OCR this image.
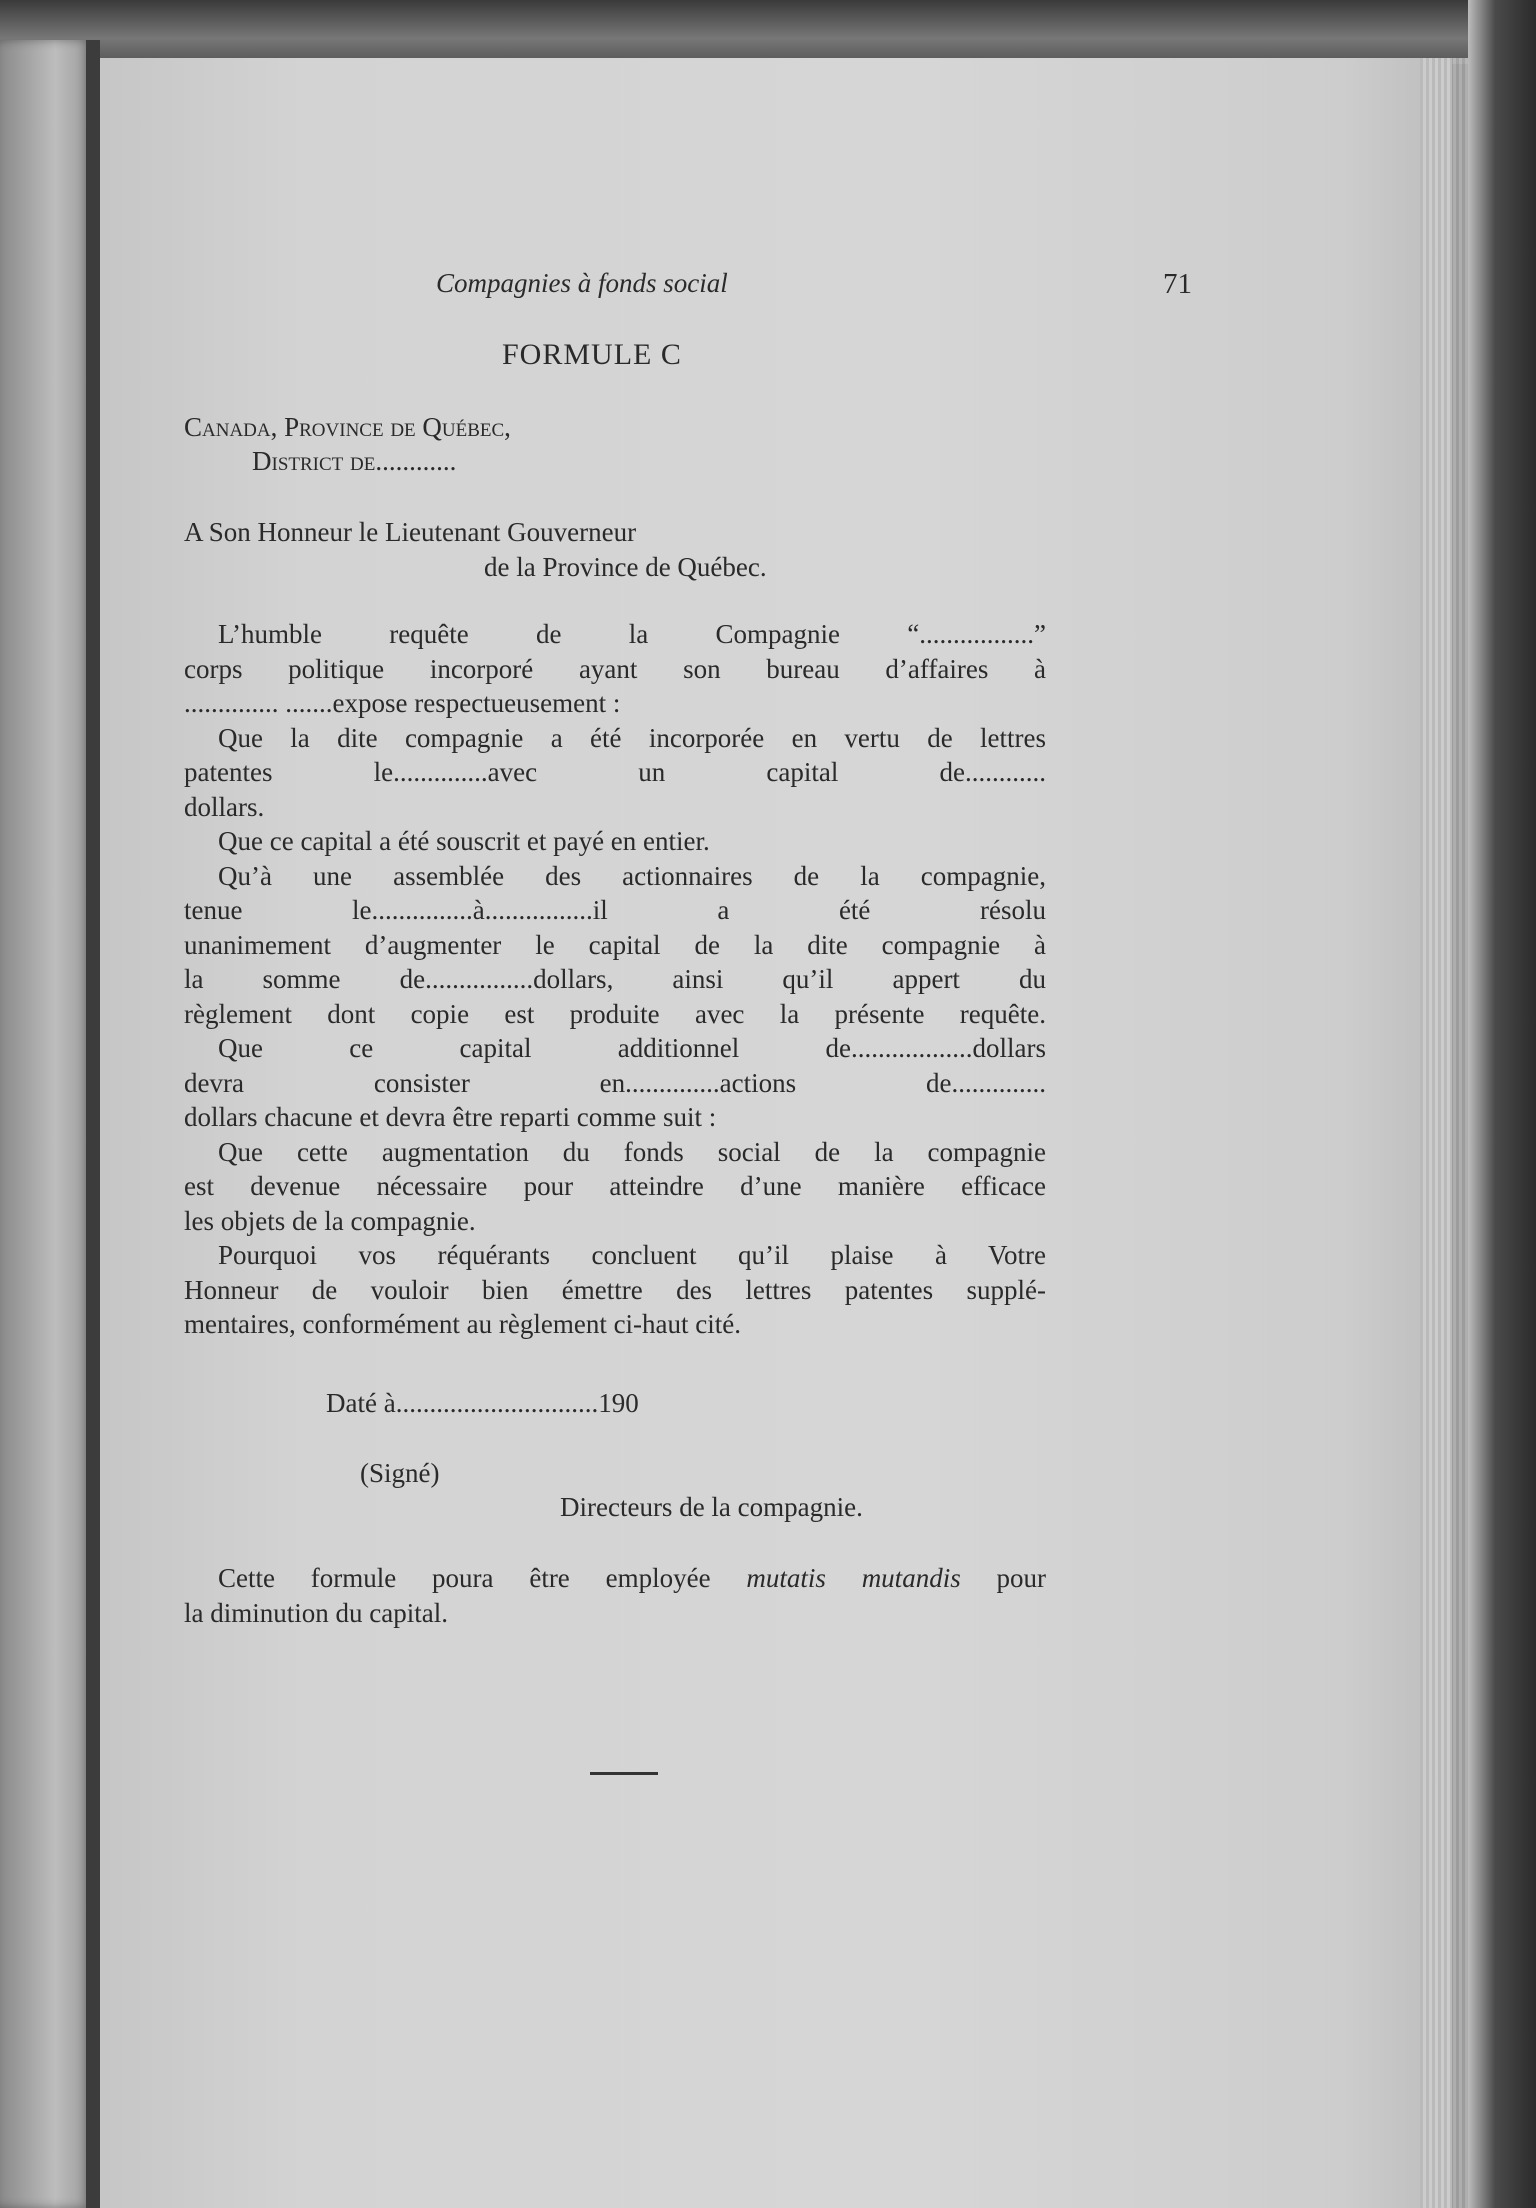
Compagnies à fonds social	71
FORMULE C
Canada, Province de Québec,
District de............
A Son Honneur le Lieutenant Gouverneur
de la Province de Québec.
L’humble requête de la Compagnie “.................”
corps politique incorporé ayant son bureau d’affaires à
.............. .......expose respectueusement :
Que la dite compagnie a été incorporée en vertu de lettres
patentes le..............avec un capital de............
dollars.
Que ce capital a été souscrit et payé en entier.
Qu’à une assemblée des actionnaires de la compagnie,
tenue le...............à................il a été résolu
unanimement d’augmenter le capital de la dite compagnie à
la somme de................dollars, ainsi qu’il appert du
règlement dont copie est produite avec la présente requête.
Que ce capital additionnel de..................dollars
devra consister en..............actions de..............
dollars chacune et devra être reparti comme suit :
Que cette augmentation du fonds social de la compagnie
est devenue nécessaire pour atteindre d’une manière efficace
les objets de la compagnie.
Pourquoi vos réquérants concluent qu’il plaise à Votre
Honneur de vouloir bien émettre des lettres patentes supplé-
mentaires, conformément au règlement ci-haut cité.
Daté à..............................190
(Signé)
Directeurs de la compagnie.
Cette formule poura être employée mutatis mutandis pour
la diminution du capital.
